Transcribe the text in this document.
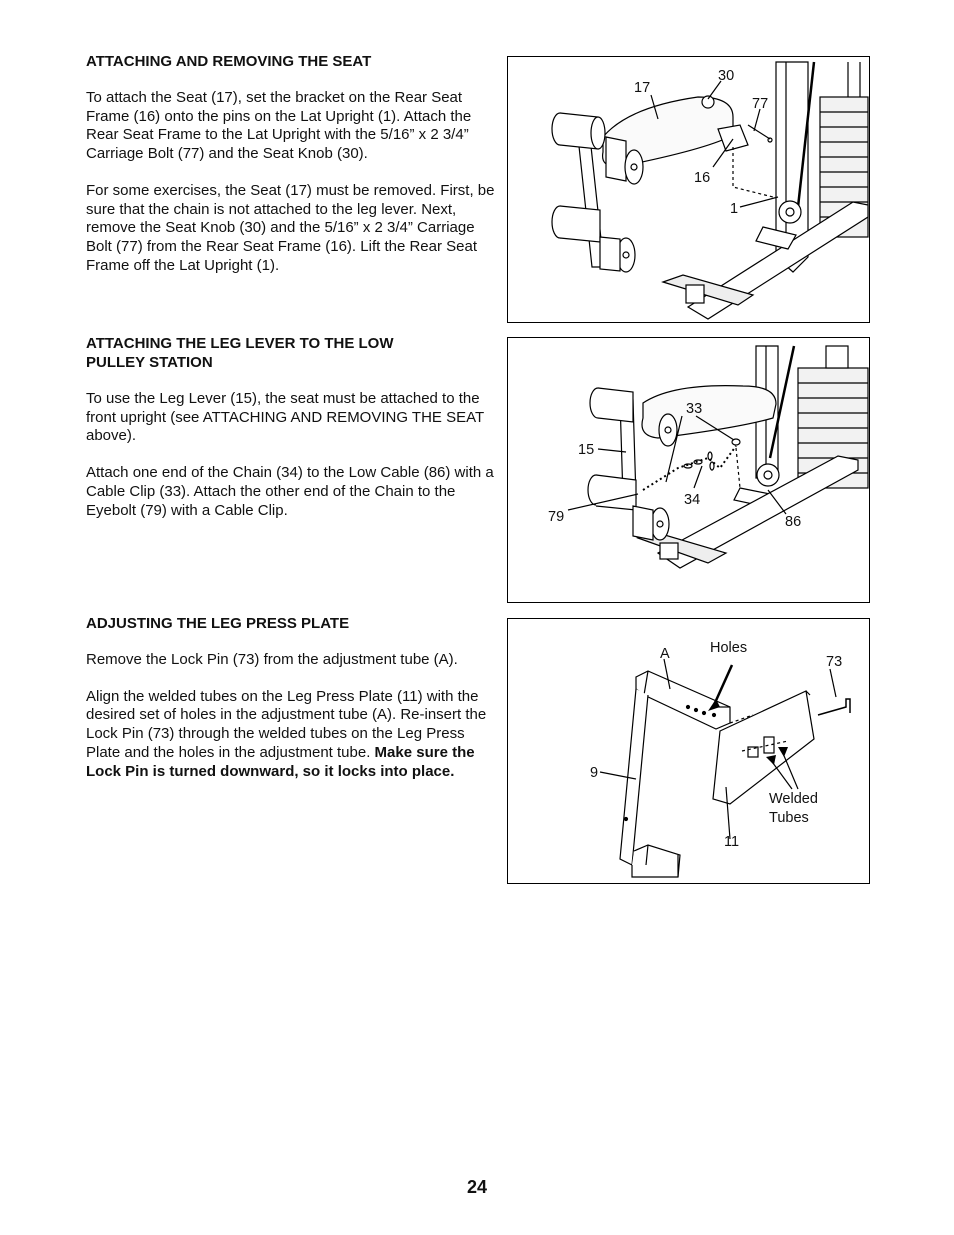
ATTACHING AND REMOVING THE SEAT

To attach the Seat (17), set the bracket on the Rear Seat Frame (16) onto the pins on the Lat Upright (1). Attach the Rear Seat Frame to the Lat Upright with the 5/16” x 2 3/4” Carriage Bolt (77) and the Seat Knob (30).

For some exercises, the Seat (17) must be removed. First, be sure that the chain is not attached to the leg lever. Next, remove the Seat Knob (30) and the 5/16” x 2 3/4” Carriage Bolt (77) from the Rear Seat Frame (16). Lift the Rear Seat Frame off the Lat Upright (1).

ATTACHING THE LEG LEVER TO THE LOW
PULLEY STATION

To use the Leg Lever (15), the seat must be attached to the front upright (see ATTACHING AND REMOVING THE SEAT above).

Attach one end of the Chain (34) to the Low Cable (86) with a Cable Clip (33). Attach the other end of the Chain to the Eyebolt (79) with a Cable Clip.

ADJUSTING THE LEG PRESS PLATE

Remove the Lock Pin (73) from the adjustment tube (A).

Align the welded tubes on the Leg Press Plate (11) with the desired set of holes in the adjustment tube (A). Re-insert the Lock Pin (73) through the welded tubes on the Leg Press Plate and the holes in the adjustment tube. Make sure the Lock Pin is turned downward, so it locks into place.

17
30
77
16
1
33
15
34
79	86
A	Holes
73
9
Welded
Tubes
11
24
